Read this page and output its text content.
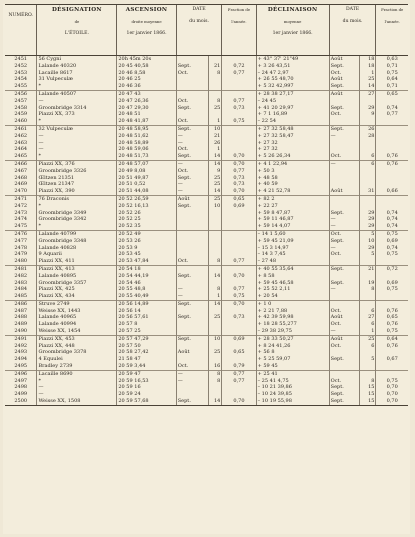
NUMÉRO.	DÉSIGNATION
de
L'ÉTOILE.	ASCENSION
droite moyenne
1er janvier 1866.	DATE
du mois.		Fraction de
l'année.	DÉCLINAISON
moyenne
1er janvier 1866.	DATE
du mois.		Fraction de
l'année.

2451	56 Cygni	20h 45m 20s				+ 43° 37' 21"49	Août	18	0,63
2452	Lalande 40320	20 45 40,58	Sept.	21	0,72	+ 3 26 43,51	Sept.	18	0,71
2453	Lacaille 8617	20 46 8,58	Oct.	8	0,77	– 24 47 2,97	Oct.	1	0,75
2454	31 Vulpeculæ	20 46 25				+ 26 55 48,70	Août	25	0,64
2455	*	20 46 36				+ 5 32 42,997	Sept.	14	0,71
2456	Lalande 40507	20 47 43				+ 28 38 27,17	Août	27	0,65
2457	—	20 47 26,36	Oct.	8	0,77	– 24 45			
2458	Groombridge 3314	20 47 29,30	Sept.	25	0,73	+ 41 20 29,97	Sept.	29	0,74
2459	Piazzi XX, 373	20 48 51				+ 7 1 16,89	Oct.	9	0,77
2460	*	20 48 41,87	Oct.	1	0,75	– 22 54			
2461	32 Vulpeculæ	20 48 58,95	Sept.	10		+ 27 32 58,48	Sept.	26	
2462	—	20 48 51,62	—	21		+ 27 32 58,47	—	28	
2463	—	20 48 58,89	—	26		+ 27 32			
2464	—	20 48 59,06	Oct.	1		+ 27 32			
2465	*	20 48 51,73	Sept.	14	0,70	+ 5 26 26,34	Oct.	6	0,76
2466	Piazzi XX, 376	20 48 57,07	—	14	0,70	+ 4 1 22,94	—	6	0,76
2467	Groombridge 3326	20 49 8,08	Oct.	9	0,77	+ 50 3			
2468	Œltzen 21351	20 51 49,87	Sept.	25	0,73	+ 48 58			
2469	Œltzen 21347	20 51 0,52	—	25	0,73	+ 40 59			
2470	Piazzi XX, 390	20 51 44,08	—	14	0,70	+ 4 21 52,78	Août	31	0,66
2471	76 Draconis	20 52 26,59	Août	25	0,65	+ 82 2			
2472	*	20 52 16,13	Sept.	10	0,69	+ 22 27			
2473	Groombridge 3349	20 52 26				+ 59 8 47,87	Sept.	29	0,74
2474	Groombridge 3342	20 52 25				+ 59 11 46,87	—	29	0,74
2475	*	20 52 35				+ 59 14 4,07	—	29	0,74
2476	Lalande 40799	20 52 49				– 14 1 5,60	Oct.	5	0,75
2477	Groombridge 3348	20 53 26				+ 59 45 21,09	Sept.	10	0,69
2478	Lalande 40828	20 53 9				– 15 3 14,97	—	29	0,74
2479	9 Aquarii	20 53 45				– 14 3 7,45	Oct.	5	0,75
2480	Piazzi XX, 411	20 53 47,84	Oct.	8	0,77	– 27 48			
2481	Piazzi XX, 413	20 54 18				+ 40 55 35,64	Sept.	21	0,72
2482	Lalande 40895	20 54 44,19	Sept.	14	0,70	+ 8 58			
2483	Groombridge 3357	20 54 46				+ 59 45 46,58	Sept.	19	0,69
2484	Piazzi XX, 425	20 55 48,8	—	8	0,77	+ 25 52 2,11	—	8	0,75
2485	Piazzi XX, 434	20 55 40,49	—	1	0,75	+ 20 54			
2486	Struve 2749	20 56 14,89	Sept.	14	0,70	+ 1 0			
2487	Weisse XX, 1443	20 56 14				+ 2 21 7,88	Oct.	6	0,76
2488	Lalande 40965	20 56 57,61	Sept.	25	0,73	+ 42 39 59,98	Août	27	0,65
2489	Lalande 40994	20 57 8				+ 18 28 55,277	Oct.	6	0,76
2490	Weisse XX, 1454	20 57 25				– 29 38 29,75	—	1	0,75
2491	Piazzi XX, 453	20 57 47,29	Sept.	10	0,69	+ 28 33 50,27	Août	25	0,64
2492	Piazzi XX, 448	20 57 50				+ 8 24 41,26	Oct.	6	0,76
2493	Groombridge 3378	20 58 27,42	Août	25	0,65	+ 56 8			
2494	4 Equulei	21 58 47				+ 5 25 59,07	Sept.	5	0,67
2495	Bradley 2739	20 59 3,44	Oct.	16	0,79	+ 59 45			
2496	Lacaille 8690	20 59 47	—	8	0,77	+ 25 41			
2497	*	20 59 16,53	—	8	0,77	– 25 41 4,75	Oct.	8	0,75
2498	—	20 59 16				– 10 21 39,86	Sept.	15	0,70
2499	—	20 59 24				– 10 24 39,85	Sept.	15	0,70
2500	Weisse XX, 1508	20 59 57,68	Sept.	14	0,70	– 10 19 55,98	Sept.	15	0,70
